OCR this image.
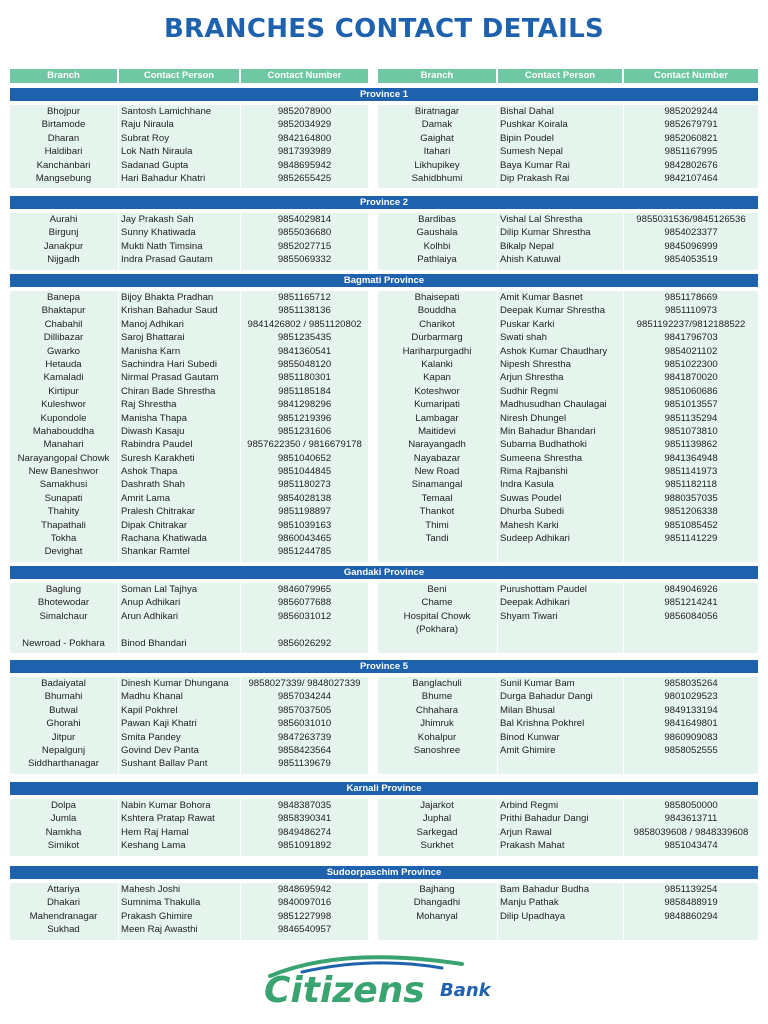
BRANCHES CONTACT DETAILS
Branch	Contact Person	Contact Number	Branch	Contact Person	Contact Number
Province 1
Bhojpur	Santosh Lamichhane	9852078900
Birtamode	Raju Niraula	9852034929
Dharan	Subrat Roy	9842164800
Haldibari	Lok Nath Niraula	9817393989
Kanchanbari	Sadanad Gupta	9848695942
Mangsebung	Hari Bahadur Khatri	9852655425
Biratnagar	Bishal Dahal	9852029244
Damak	Pushkar Koirala	9852679791
Gaighat	Bipin Poudel	9852060821
Itahari	Sumesh Nepal	9851167995
Likhupikey	Baya Kumar Rai	9842802676
Sahidbhumi	Dip Prakash Rai	9842107464
Province 2
Aurahi	Jay Prakash Sah	9854029814
Birgunj	Sunny Khatiwada	9855036680
Janakpur	Mukti Nath Timsina	9852027715
Nijgadh	Indra Prasad Gautam	9855069332
Bardibas	Vishal Lal Shrestha	9855031536/9845126536
Gaushala	Dilip Kumar Shrestha	9854023377
Kolhbi	Bikalp Nepal	9845096999
Pathlaiya	Ahish Katuwal	9854053519
Bagmati Province
Banepa	Bijoy Bhakta Pradhan	9851165712
Bhaktapur	Krishan Bahadur Saud	9851138136
Chabahil	Manoj Adhikari	9841426802 / 9851120802
Dillibazar	Saroj Bhattarai	9851235435
Gwarko	Manisha Karn	9841360541
Hetauda	Sachindra Hari Subedi	9855048120
Kamaladi	Nirmal Prasad Gautam	9851180301
Kirtipur	Chiran Bade Shrestha	9851185184
Kuleshwor	Raj Shrestha	9841298296
Kupondole	Manisha Thapa	9851219396
Mahabouddha	Diwash Kasaju	9851231606
Manahari	Rabindra Paudel	9857622350 / 9816679178
Narayangopal Chowk	Suresh Karakheti	9851040652
New Baneshwor	Ashok Thapa	9851044845
Samakhusi	Dashrath Shah	9851180273
Sunapati	Amrit Lama	9854028138
Thahity	Pralesh Chitrakar	9851198897
Thapathali	Dipak Chitrakar	9851039163
Tokha	Rachana Khatiwada	9860043465
Devighat	Shankar Ramtel	9851244785
Bhaisepati	Amit Kumar Basnet	9851178669
Bouddha	Deepak Kumar Shrestha	9851110973
Charikot	Puskar Karki	9851192237/9812188522
Durbarmarg	Swati shah	9841796703
Hariharpurgadhi	Ashok Kumar Chaudhary	9854021102
Kalanki	Nipesh Shrestha	9851022300
Kapan	Arjun Shrestha	9841870020
Koteshwor	Sudhir Regmi	9851060686
Kumaripati	Madhusudhan Chaulagai	9851013557
Lambagar	Niresh Dhungel	9851135294
Maitidevi	Min Bahadur Bhandari	9851073810
Narayangadh	Subarna Budhathoki	9851139862
Nayabazar	Sumeena Shrestha	9841364948
New Road	Rima Rajbanshi	9851141973
Sinamangal	Indra Kasula	9851182118
Temaal	Suwas Poudel	9880357035
Thankot	Dhurba Subedi	9851206338
Thimi	Mahesh Karki	9851085452
Tandi	Sudeep Adhikari	9851141229
Gandaki Province
Baglung	Soman Lal Tajhya	9846079965
Bhotewodar	Anup Adhikari	9856077688
Simalchaur	Arun Adhikari	9856031012
Newroad - Pokhara	Binod Bhandari	9856026292
Beni	Purushottam Paudel	9849046926
Chame	Deepak Adhikari	9851214241
Hospital Chowk	Shyam Tiwari	9856084056
(Pokhara)
Province 5
Badaiyatal	Dinesh Kumar Dhungana	9858027339/ 9848027339
Bhumahi	Madhu Khanal	9857034244
Butwal	Kapil Pokhrel	9857037505
Ghorahi	Pawan Kaji Khatri	9856031010
Jitpur	Smita Pandey	9847263739
Nepalgunj	Govind Dev Panta	9858423564
Siddharthanagar	Sushant Ballav Pant	9851139679
Banglachuli	Sunil Kumar Bam	9858035264
Bhume	Durga Bahadur Dangi	9801029523
Chhahara	Milan Bhusal	9849133194
Jhimruk	Bal Krishna Pokhrel	9841649801
Kohalpur	Binod Kunwar	9860909083
Sanoshree	Amit Ghimire	9858052555
Karnali Province
Dolpa	Nabin Kumar Bohora	9848387035
Jumla	Kshtera Pratap Rawat	9858390341
Namkha	Hem Raj Hamal	9849486274
Simikot	Keshang Lama	9851091892
Jajarkot	Arbind Regmi	9858050000
Juphal	Prithi Bahadur Dangi	9843613711
Sarkegad	Arjun Rawal	9858039608 / 9848339608
Surkhet	Prakash Mahat	9851043474
Sudoorpaschim Province
Attariya	Mahesh Joshi	9848695942
Dhakari	Sumnima Thakulla	9840097016
Mahendranagar	Prakash Ghimire	9851227998
Sukhad	Meen Raj Awasthi	9846540957
Bajhang	Bam Bahadur Budha	9851139254
Dhangadhi	Manju Pathak	9858488919
Mohanyal	Dilip Upadhaya	9848860294
Citizens Bank
